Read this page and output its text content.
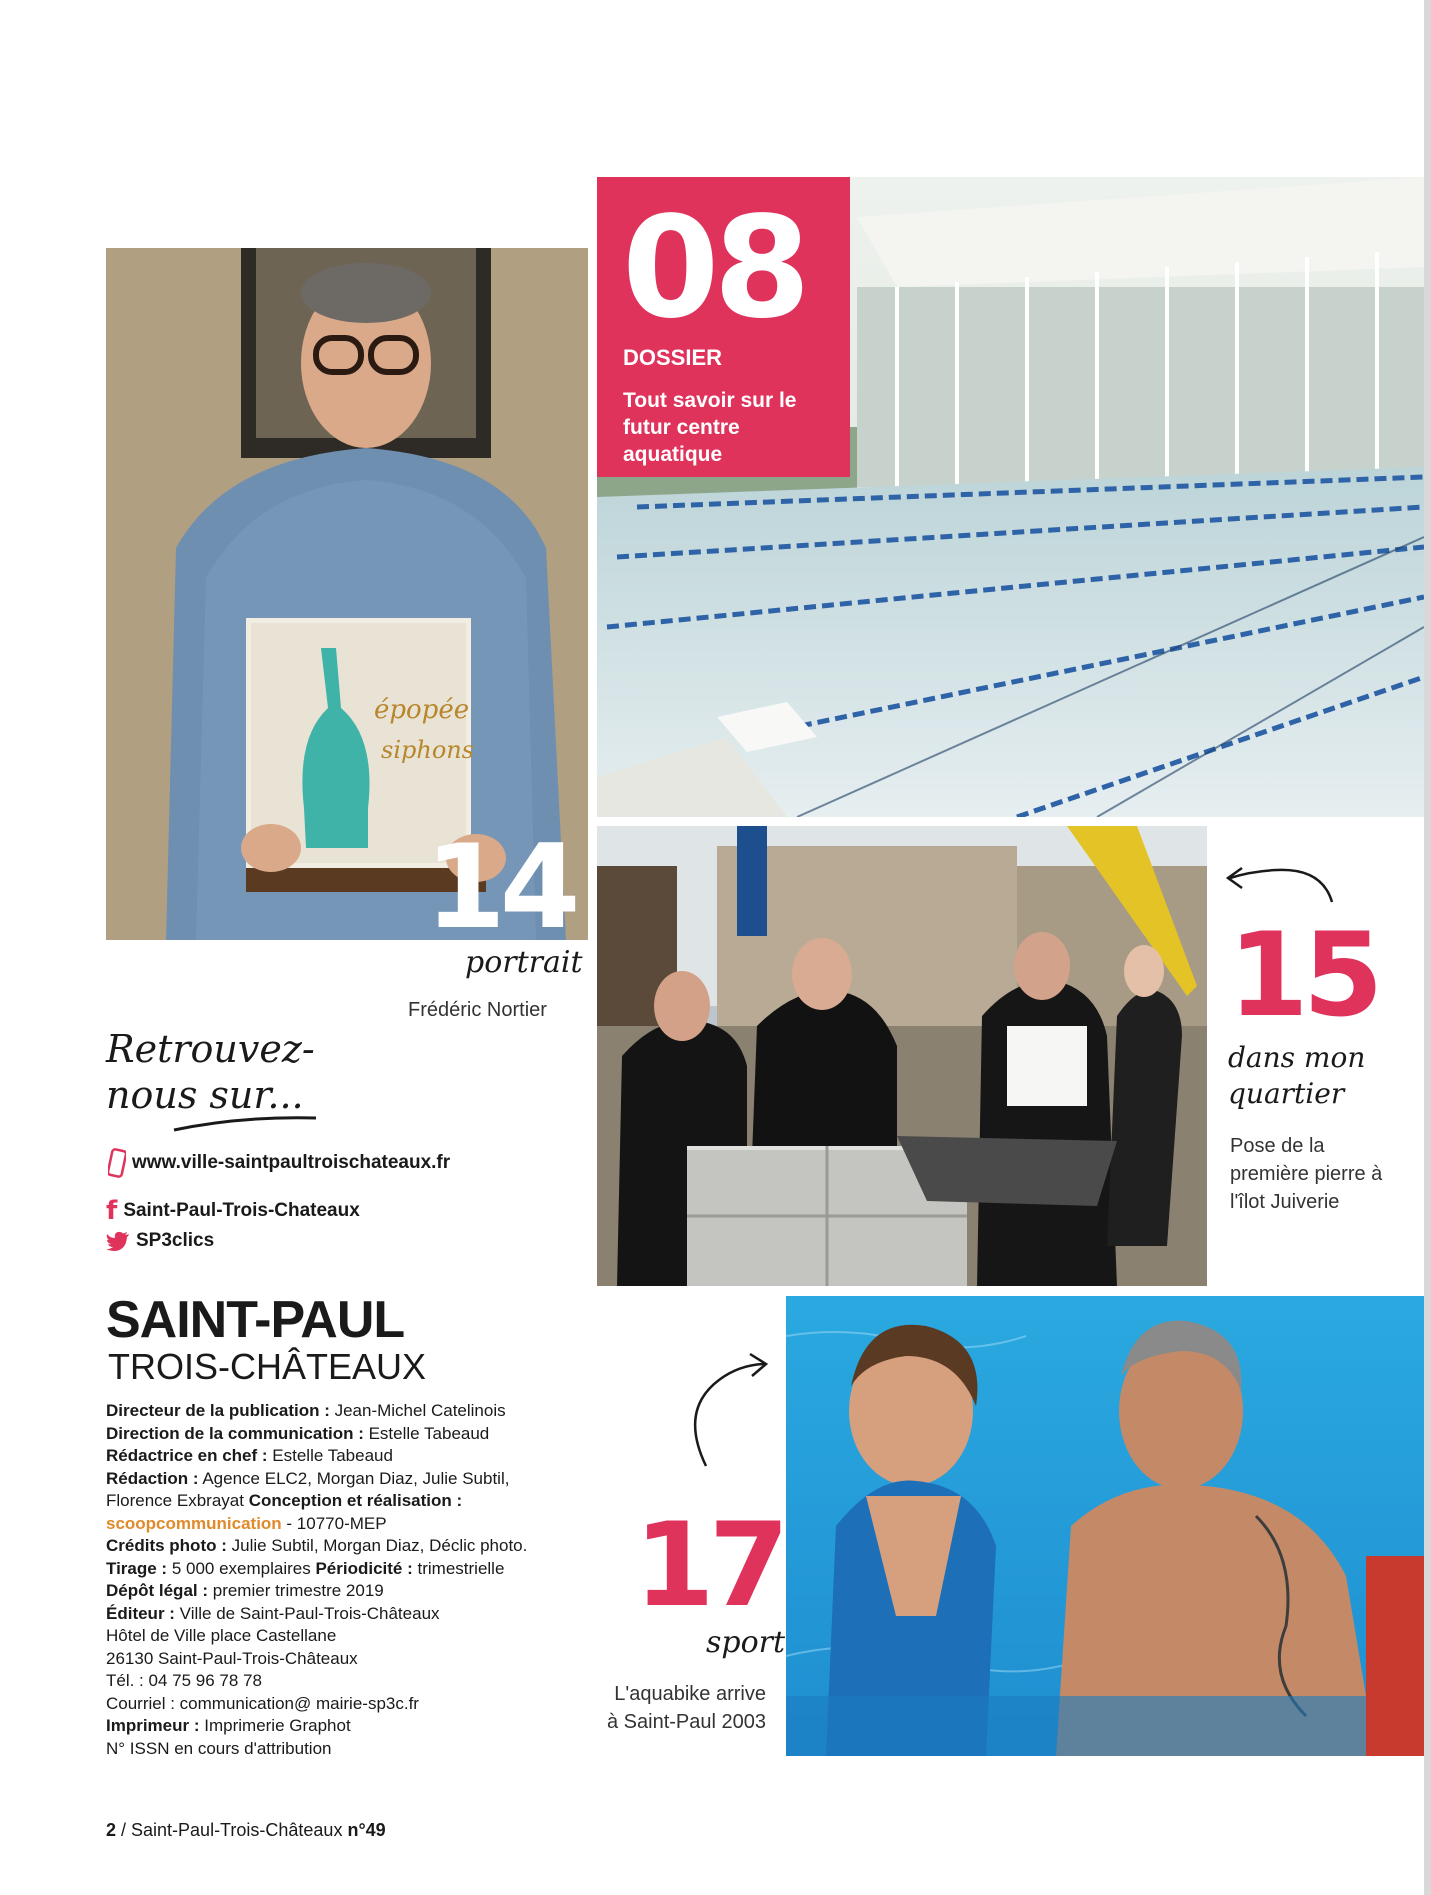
08
DOSSIER
Tout savoir sur le futur centre aquatique
épopée
siphons
14
portrait
Frédéric Nortier	15
dans mon quartier
Pose de la première pierre à l'îlot Juiverie
17
sport
L'aquabike arrive à Saint-Paul 2003
Retrouvez-nous sur...
www.ville-saintpaultroischateaux.fr
f Saint-Paul-Trois-Chateaux
SP3clics
SAINT-PAUL
TROIS-CHÂTEAUX
Directeur de la publication : Jean-Michel Catelinois
Direction de la communication : Estelle Tabeaud
Rédactrice en chef : Estelle Tabeaud
Rédaction : Agence ELC2, Morgan Diaz, Julie Subtil,
Florence Exbrayat Conception et réalisation :
scoopcommunication - 10770-MEP
Crédits photo : Julie Subtil, Morgan Diaz, Déclic photo.
Tirage : 5 000 exemplaires Périodicité : trimestrielle
Dépôt légal : premier trimestre 2019
Éditeur : Ville de Saint-Paul-Trois-Châteaux
Hôtel de Ville place Castellane
26130 Saint-Paul-Trois-Châteaux
Tél. : 04 75 96 78 78
Courriel : communication@ mairie-sp3c.fr
Imprimeur : Imprimerie Graphot
N° ISSN en cours d'attribution
2 / Saint-Paul-Trois-Châteaux n°49
